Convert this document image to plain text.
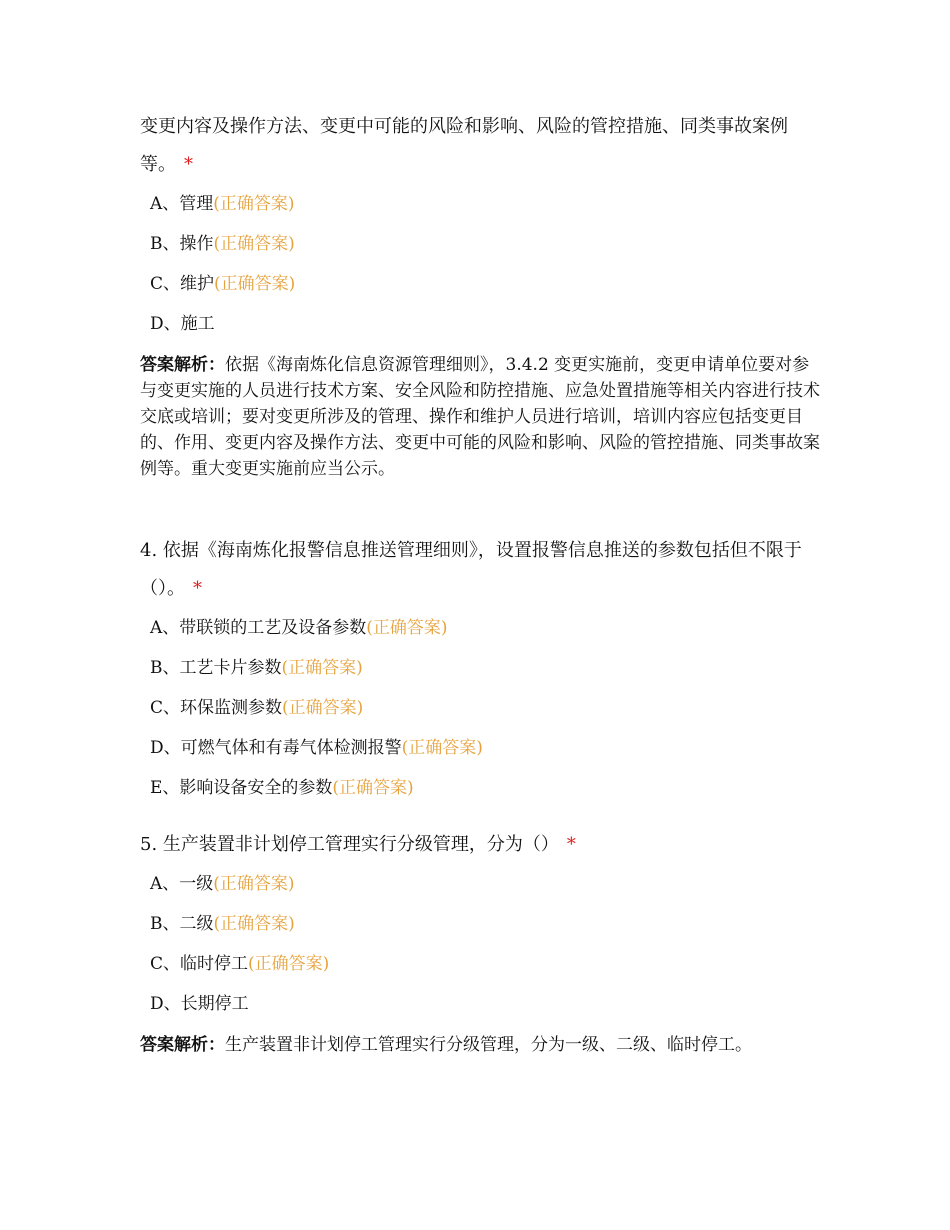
变更内容及操作方法、变更中可能的风险和影响、风险的管控措施、同类事故案例等。 *

A、管理(正确答案)
B、操作(正确答案)
C、维护(正确答案)
D、施工

答案解析：依据《海南炼化信息资源管理细则》，3.4.2 变更实施前，变更申请单位要对参与变更实施的人员进行技术方案、安全风险和防控措施、应急处置措施等相关内容进行技术交底或培训；要对变更所涉及的管理、操作和维护人员进行培训，培训内容应包括变更目的、作用、变更内容及操作方法、变更中可能的风险和影响、风险的管控措施、同类事故案例等。重大变更实施前应当公示。

4. 依据《海南炼化报警信息推送管理细则》，设置报警信息推送的参数包括但不限于（）。 *

A、带联锁的工艺及设备参数(正确答案)
B、工艺卡片参数(正确答案)
C、环保监测参数(正确答案)
D、可燃气体和有毒气体检测报警(正确答案)
E、影响设备安全的参数(正确答案)

5. 生产装置非计划停工管理实行分级管理，分为（） *

A、一级(正确答案)
B、二级(正确答案)
C、临时停工(正确答案)
D、长期停工

答案解析：生产装置非计划停工管理实行分级管理，分为一级、二级、临时停工。
